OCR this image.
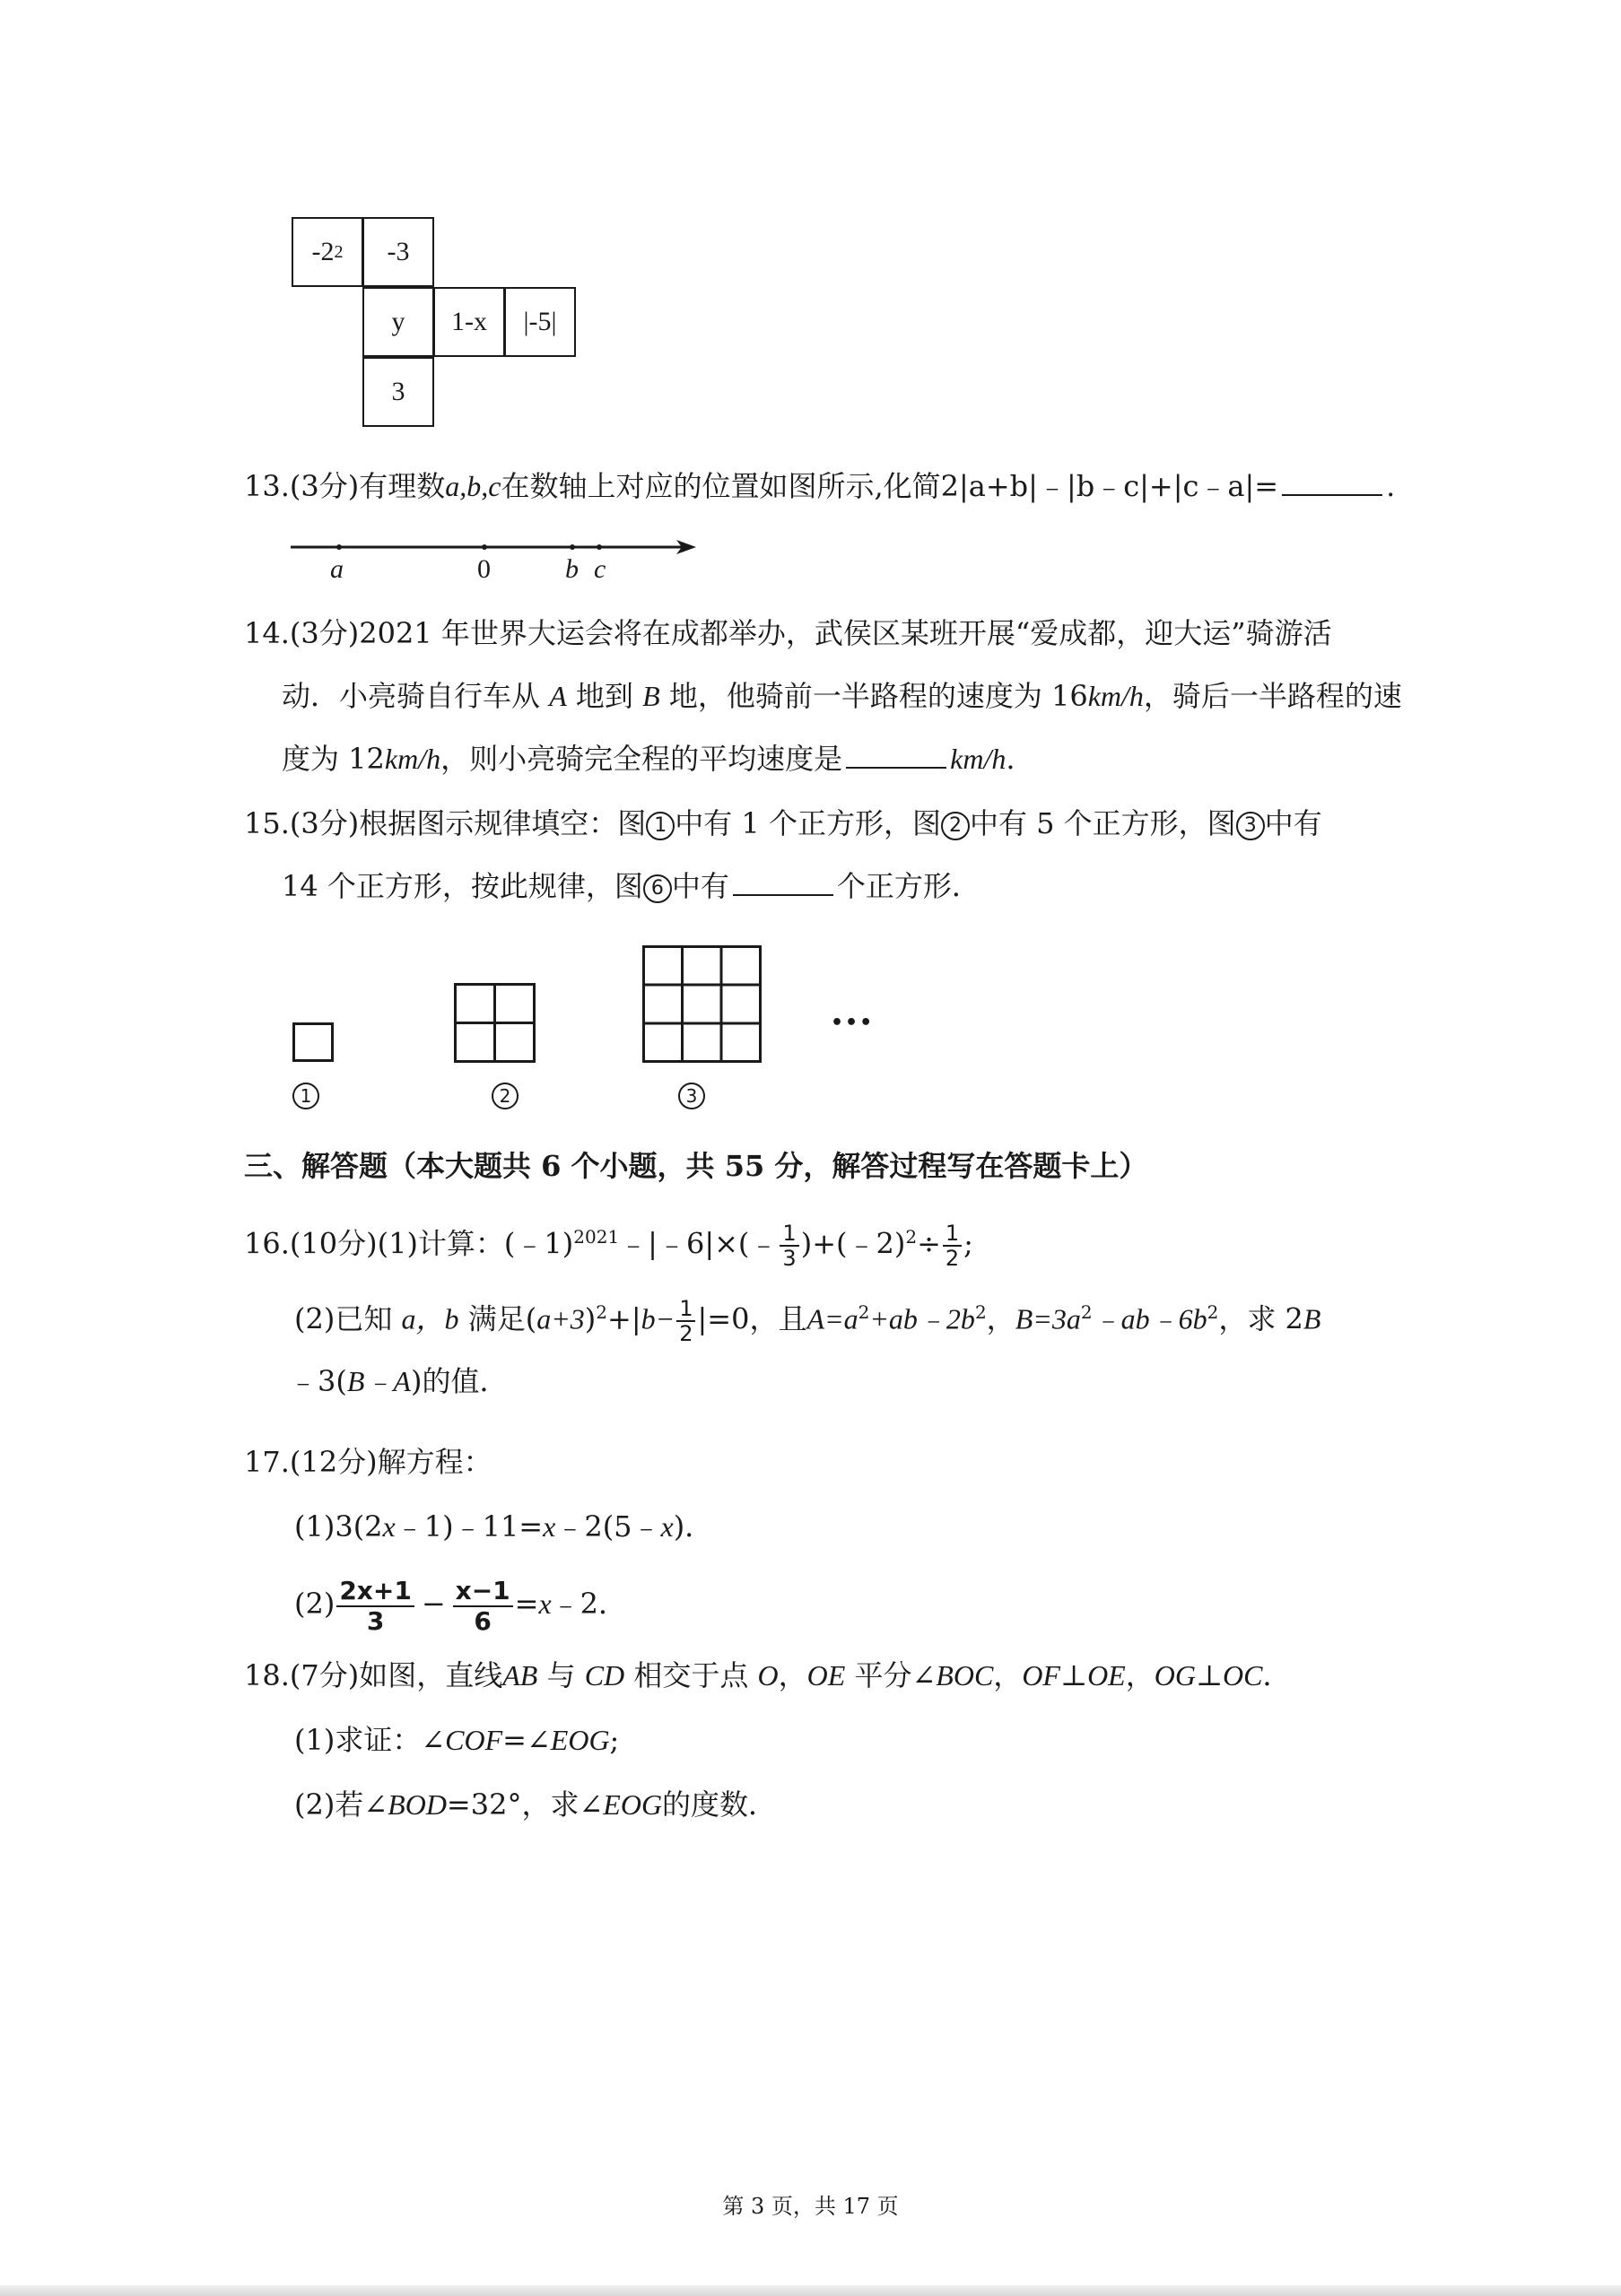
-2 2 -3
y 1-x |-5|
3
13.(3分)有理数a,b,c在数轴上对应的位置如图所示,化简2|a+b|﹣|b﹣c|+|c﹣a|=	.
a	0	b c
14.(3分)2021 年世界大运会将在成都举办，武侯区某班开展“爱成都，迎大运”骑游活
动．小亮骑自行车从 A 地到 B 地，他骑前一半路程的速度为 16km/h，骑后一半路程的速
度为 12km/h，则小亮骑完全程的平均速度是	km/h.
15.(3分)根据图示规律填空：图 1 中有 1 个正方形，图 2 中有 5 个正方形，图 3 中有
14 个正方形，按此规律，图 6 中有	个正方形．
•••
1	2	3
三、解答题（本大题共 6 个小题，共 55 分，解答过程写在答题卡上）
16.(10分)(1)计算：(﹣1)$^{2021}$﹣|﹣6|×(﹣ $\frac{1}{3}$ )+(﹣2)$^2$÷ $\frac{1}{2}$ ;
(2)已知 a，b 满足$(a+3)^2+|b- \frac{1}{2} |=0$，且$A=a^2+ab﹣2b^2$，$B=3a^2﹣ab﹣6b^2$，求 2B
﹣3(B﹣A)的值．
17.(12分)解方程：
(1)3(2x﹣1)﹣11=x﹣2(5﹣x)．
$(2) \frac{2x+1}{3} - \frac{x-1}{6}$ =x﹣2．
18.(7分)如图，直线AB 与 CD 相交于点 O，OE 平分∠BOC，OF⊥OE，OG⊥OC．
(1)求证：∠COF=∠EOG;
(2)若∠BOD=32°，求∠EOG的度数．
第 3 页，共 17 页
